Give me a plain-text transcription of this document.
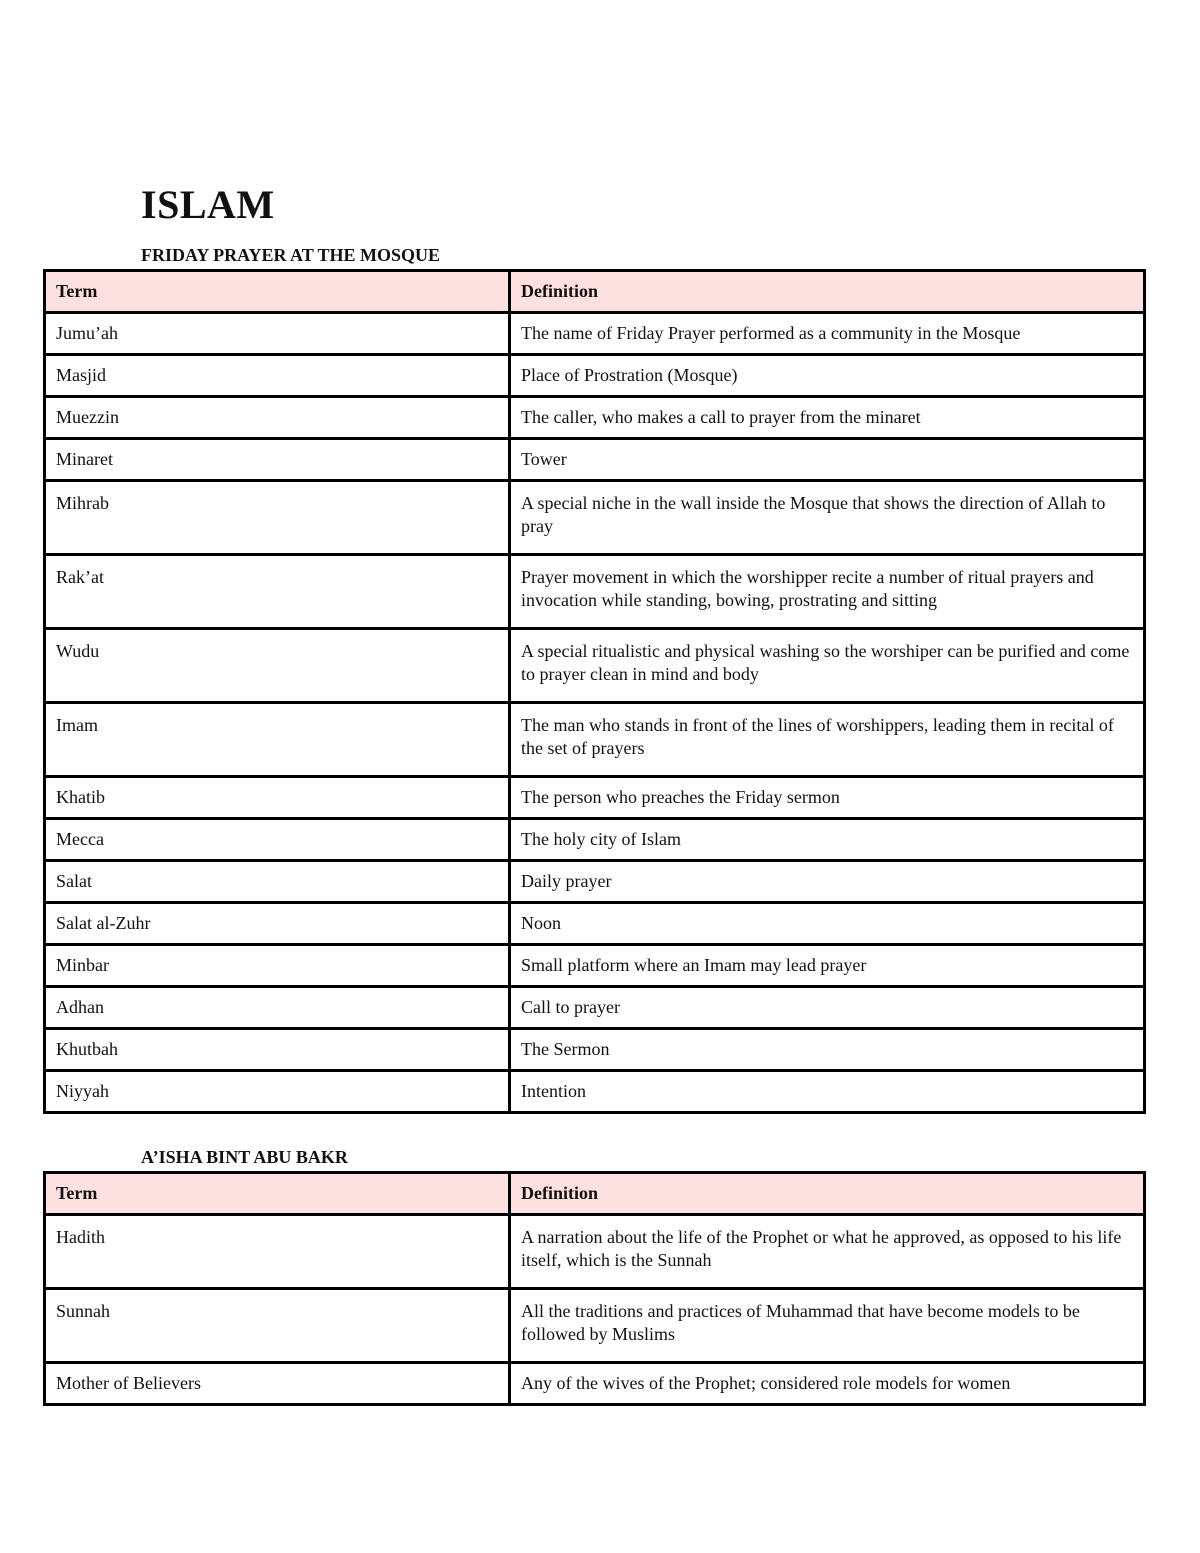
ISLAM
FRIDAY PRAYER AT THE MOSQUE
Term	Definition
Jumu’ah	The name of Friday Prayer performed as a community in the Mosque
Masjid	Place of Prostration (Mosque)
Muezzin	The caller, who makes a call to prayer from the minaret
Minaret	Tower
Mihrab	A special niche in the wall inside the Mosque that shows the direction of Allah to pray
Rak’at	Prayer movement in which the worshipper recite a number of ritual prayers and invocation while standing, bowing, prostrating and sitting
Wudu	A special ritualistic and physical washing so the worshiper can be purified and come to prayer clean in mind and body
Imam	The man who stands in front of the lines of worshippers, leading them in recital of the set of prayers
Khatib	The person who preaches the Friday sermon
Mecca	The holy city of Islam
Salat	Daily prayer
Salat al-Zuhr	Noon
Minbar	Small platform where an Imam may lead prayer
Adhan	Call to prayer
Khutbah	The Sermon
Niyyah	Intention
A’ISHA BINT ABU BAKR
Term	Definition
Hadith	A narration about the life of the Prophet or what he approved, as opposed to his life itself, which is the Sunnah
Sunnah	All the traditions and practices of Muhammad that have become models to be followed by Muslims
Mother of Believers	Any of the wives of the Prophet; considered role models for women
